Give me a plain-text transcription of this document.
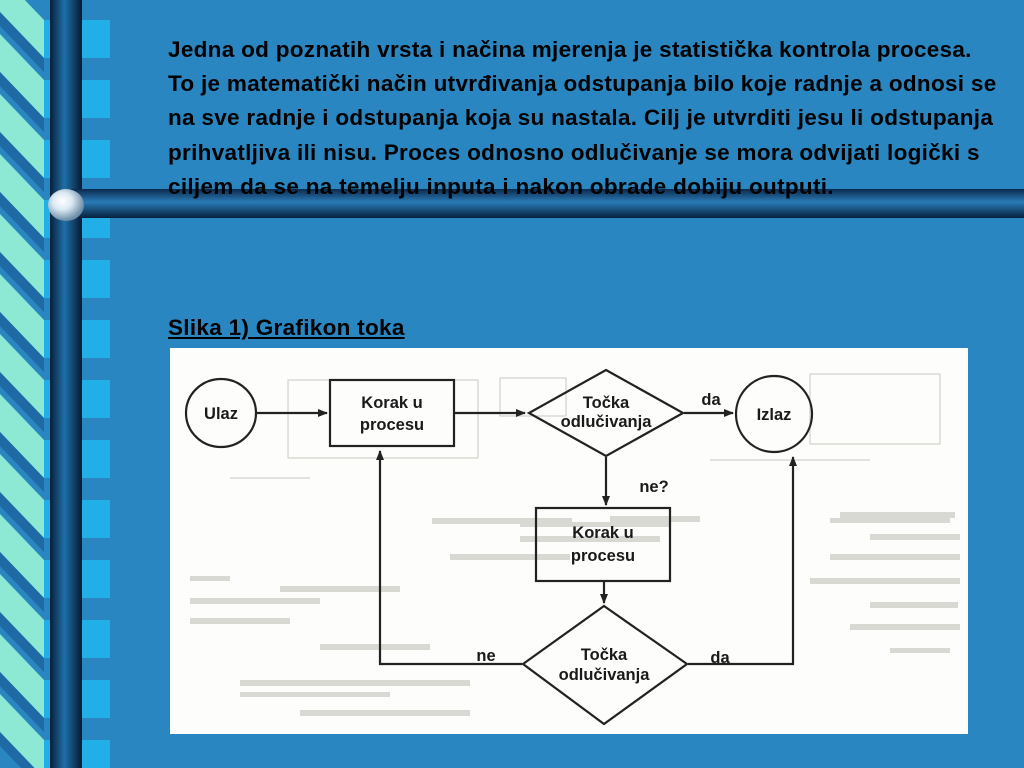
Jedna od poznatih vrsta i načina mjerenja je statistička kontrola procesa. To je matematički način utvrđivanja odstupanja bilo koje radnje a odnosi se na sve radnje i odstupanja koja su nastala. Cilj je utvrditi jesu li odstupanja prihvatljiva ili nisu. Proces odnosno odlučivanje se mora odvijati logički s ciljem da se na temelju inputa i nakon obrade dobiju outputi.

Slika 1) Grafikon toka

Ulaz
Korak u
procesu
Točka
odlučivanja	Izlaz
Korak u
procesu
Točka
odlučivanja
da
ne?
ne	da
